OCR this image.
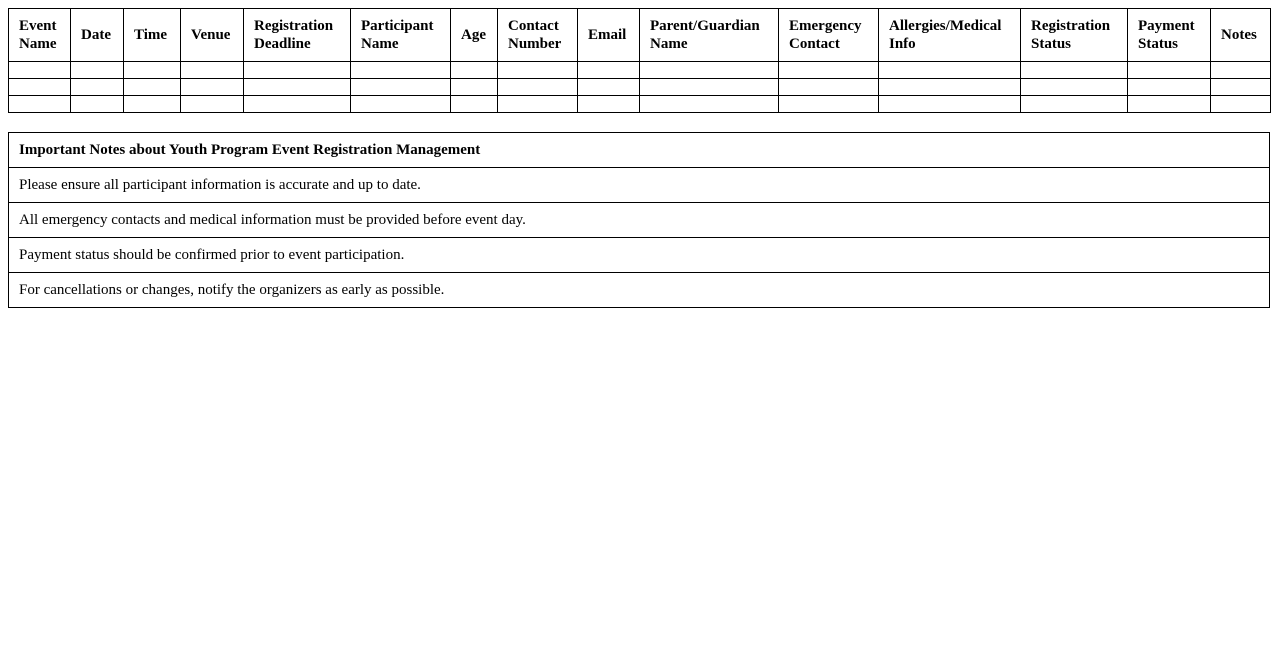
Event Name	Date	Time	Venue	Registration Deadline	Participant Name	Age	Contact Number	Email	Parent/Guardian Name	Emergency Contact	Allergies/Medical Info	Registration Status	Payment Status	Notes

Important Notes about Youth Program Event Registration Management
Please ensure all participant information is accurate and up to date.
All emergency contacts and medical information must be provided before event day.
Payment status should be confirmed prior to event participation.
For cancellations or changes, notify the organizers as early as possible.
